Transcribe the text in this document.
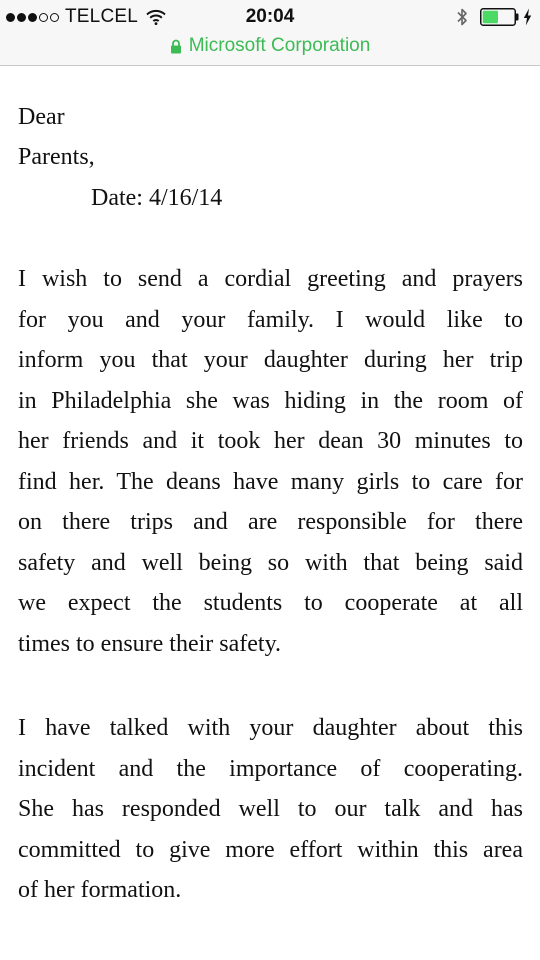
TELCEL	20:04
Microsoft Corporation
Dear
Parents,
Date: 4/16/14
I wish to send a cordial greeting and prayers
for you and your family. I would like to
inform you that your daughter during her trip
in Philadelphia she was hiding in the room of
her friends and it took her dean 30 minutes to
find her. The deans have many girls to care for
on there trips and are responsible for there
safety and well being so with that being said
we expect the students to cooperate at all
times to ensure their safety.
I have talked with your daughter about this
incident and the importance of cooperating.
She has responded well to our talk and has
committed to give more effort within this area
of her formation.
